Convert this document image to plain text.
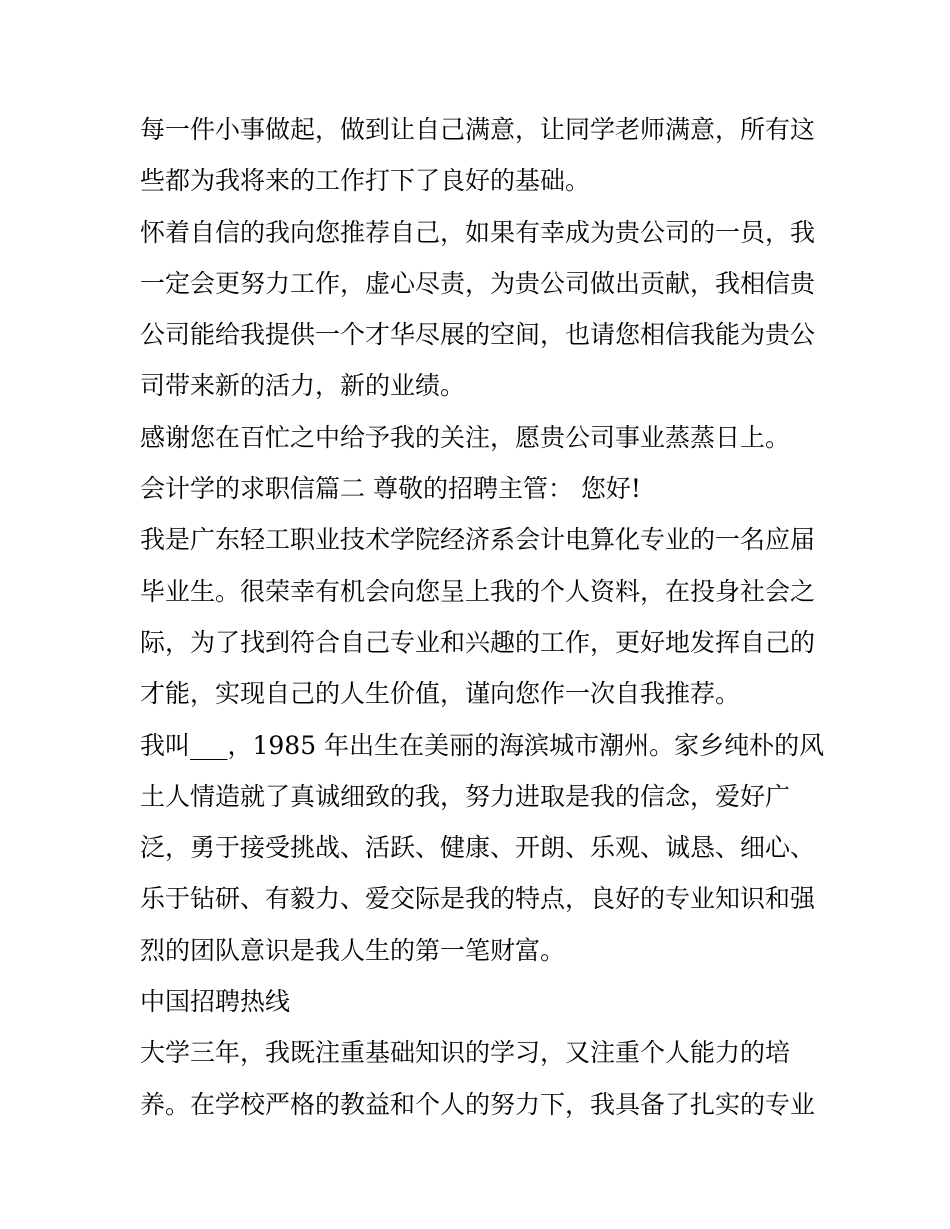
每一件小事做起，做到让自己满意，让同学老师满意，所有这
些都为我将来的工作打下了良好的基础。
怀着自信的我向您推荐自己，如果有幸成为贵公司的一员，我
一定会更努力工作，虚心尽责，为贵公司做出贡献，我相信贵
公司能给我提供一个才华尽展的空间，也请您相信我能为贵公
司带来新的活力，新的业绩。
感谢您在百忙之中给予我的关注，愿贵公司事业蒸蒸日上。
会计学的求职信篇二 尊敬的招聘主管： 您好!
我是广东轻工职业技术学院经济系会计电算化专业的一名应届
毕业生。很荣幸有机会向您呈上我的个人资料，在投身社会之
际，为了找到符合自己专业和兴趣的工作，更好地发挥自己的
才能，实现自己的人生价值，谨向您作一次自我推荐。
我叫___，1985 年出生在美丽的海滨城市潮州。家乡纯朴的风
土人情造就了真诚细致的我，努力进取是我的信念，爱好广
泛，勇于接受挑战、活跃、健康、开朗、乐观、诚恳、细心、
乐于钻研、有毅力、爱交际是我的特点，良好的专业知识和强
烈的团队意识是我人生的第一笔财富。
中国招聘热线
大学三年，我既注重基础知识的学习，又注重个人能力的培
养。在学校严格的教益和个人的努力下，我具备了扎实的专业
